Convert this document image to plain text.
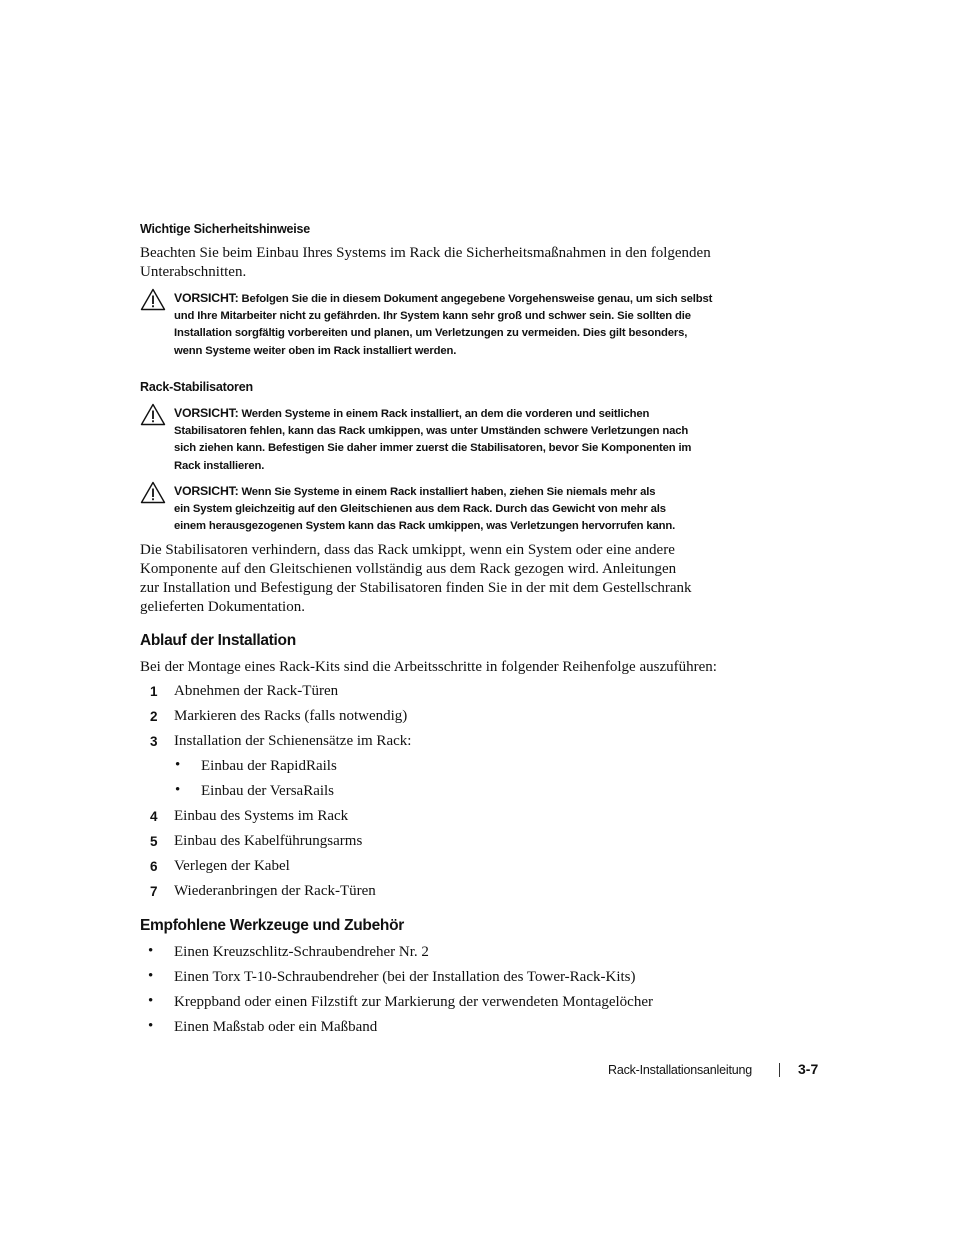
Wichtige Sicherheitshinweise
Beachten Sie beim Einbau Ihres Systems im Rack die Sicherheitsmaßnahmen in den folgenden
Unterabschnitten.
VORSICHT: Befolgen Sie die in diesem Dokument angegebene Vorgehensweise genau, um sich selbst
und Ihre Mitarbeiter nicht zu gefährden. Ihr System kann sehr groß und schwer sein. Sie sollten die
Installation sorgfältig vorbereiten und planen, um Verletzungen zu vermeiden. Dies gilt besonders,
wenn Systeme weiter oben im Rack installiert werden.
Rack-Stabilisatoren
VORSICHT: Werden Systeme in einem Rack installiert, an dem die vorderen und seitlichen
Stabilisatoren fehlen, kann das Rack umkippen, was unter Umständen schwere Verletzungen nach
sich ziehen kann. Befestigen Sie daher immer zuerst die Stabilisatoren, bevor Sie Komponenten im
Rack installieren.
VORSICHT: Wenn Sie Systeme in einem Rack installiert haben, ziehen Sie niemals mehr als
ein System gleichzeitig auf den Gleitschienen aus dem Rack. Durch das Gewicht von mehr als
einem herausgezogenen System kann das Rack umkippen, was Verletzungen hervorrufen kann.
Die Stabilisatoren verhindern, dass das Rack umkippt, wenn ein System oder eine andere
Komponente auf den Gleitschienen vollständig aus dem Rack gezogen wird. Anleitungen
zur Installation und Befestigung der Stabilisatoren finden Sie in der mit dem Gestellschrank
gelieferten Dokumentation.
Ablauf der Installation
Bei der Montage eines Rack-Kits sind die Arbeitsschritte in folgender Reihenfolge auszuführen:
1 Abnehmen der Rack-Türen
2 Markieren des Racks (falls notwendig)
3 Installation der Schienensätze im Rack:
• Einbau der RapidRails
• Einbau der VersaRails
4 Einbau des Systems im Rack
5 Einbau des Kabelführungsarms
6 Verlegen der Kabel
7 Wiederanbringen der Rack-Türen
Empfohlene Werkzeuge und Zubehör
• Einen Kreuzschlitz-Schraubendreher Nr. 2
• Einen Torx T-10-Schraubendreher (bei der Installation des Tower-Rack-Kits)
• Kreppband oder einen Filzstift zur Markierung der verwendeten Montagelöcher
• Einen Maßstab oder ein Maßband
Rack-Installationsanleitung	3-7
